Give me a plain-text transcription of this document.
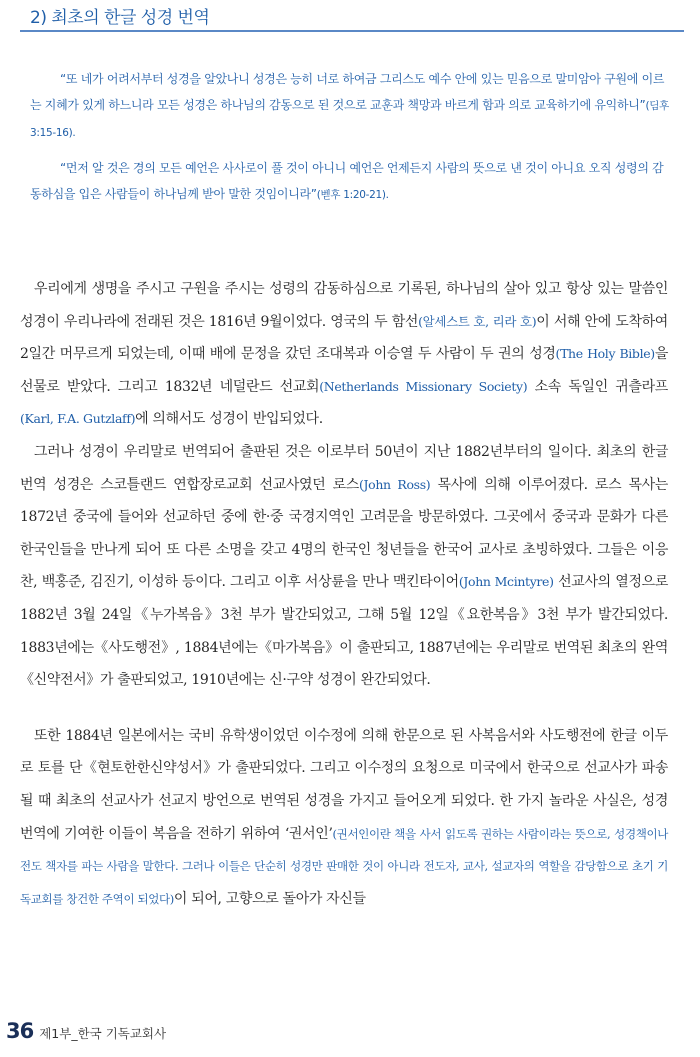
2) 최초의 한글 성경 번역

“또 네가 어려서부터 성경을 알았나니 성경은 능히 너로 하여금 그리스도 예수 안에 있는 믿음으로 말미암아 구원에 이르는 지혜가 있게 하느니라 모든 성경은 하나님의 감동으로 된 것으로 교훈과 책망과 바르게 함과 의로 교육하기에 유익하니”(딤후 3:15-16).

“먼저 알 것은 경의 모든 예언은 사사로이 풀 것이 아니니 예언은 언제든지 사람의 뜻으로 낸 것이 아니요 오직 성령의 감동하심을 입은 사람들이 하나님께 받아 말한 것임이니라”(벧후 1:20-21).

우리에게 생명을 주시고 구원을 주시는 성령의 감동하심으로 기록된, 하나님의 살아 있고 항상 있는 말씀인 성경이 우리나라에 전래된 것은 1816년 9월이었다. 영국의 두 함선(알세스트 호, 리라 호)이 서해 안에 도착하여 2일간 머무르게 되었는데, 이때 배에 문정을 갔던 조대복과 이승열 두 사람이 두 권의 성경(The Holy Bible)을 선물로 받았다. 그리고 1832년 네덜란드 선교회(Netherlands Missionary Society) 소속 독일인 귀츨라프(Karl, F.A. Gutzlaff)에 의해서도 성경이 반입되었다.

그러나 성경이 우리말로 번역되어 출판된 것은 이로부터 50년이 지난 1882년부터의 일이다. 최초의 한글 번역 성경은 스코틀랜드 연합장로교회 선교사였던 로스(John Ross) 목사에 의해 이루어졌다. 로스 목사는 1872년 중국에 들어와 선교하던 중에 한·중 국경지역인 고려문을 방문하였다. 그곳에서 중국과 문화가 다른 한국인들을 만나게 되어 또 다른 소명을 갖고 4명의 한국인 청년들을 한국어 교사로 초빙하였다. 그들은 이응찬, 백홍준, 김진기, 이성하 등이다. 그리고 이후 서상륜을 만나 맥킨타이어(John Mcintyre) 선교사의 열정으로 1882년 3월 24일《누가복음》3천 부가 발간되었고, 그해 5월 12일《요한복음》3천 부가 발간되었다. 1883년에는《사도행전》, 1884년에는《마가복음》이 출판되고, 1887년에는 우리말로 번역된 최초의 완역《신약전서》가 출판되었고, 1910년에는 신·구약 성경이 완간되었다.

또한 1884년 일본에서는 국비 유학생이었던 이수정에 의해 한문으로 된 사복음서와 사도행전에 한글 이두로 토를 단《현토한한신약성서》가 출판되었다. 그리고 이수정의 요청으로 미국에서 한국으로 선교사가 파송될 때 최초의 선교사가 선교지 방언으로 번역된 성경을 가지고 들어오게 되었다. 한 가지 놀라운 사실은, 성경 번역에 기여한 이들이 복음을 전하기 위하여 ‘권서인’(권서인이란 책을 사서 읽도록 권하는 사람이라는 뜻으로, 성경책이나 전도 책자를 파는 사람을 말한다. 그러나 이들은 단순히 성경만 판매한 것이 아니라 전도자, 교사, 설교자의 역할을 감당함으로 초기 기독교회를 창건한 주역이 되었다)이 되어, 고향으로 돌아가 자신들

36 제1부_한국 기독교회사
